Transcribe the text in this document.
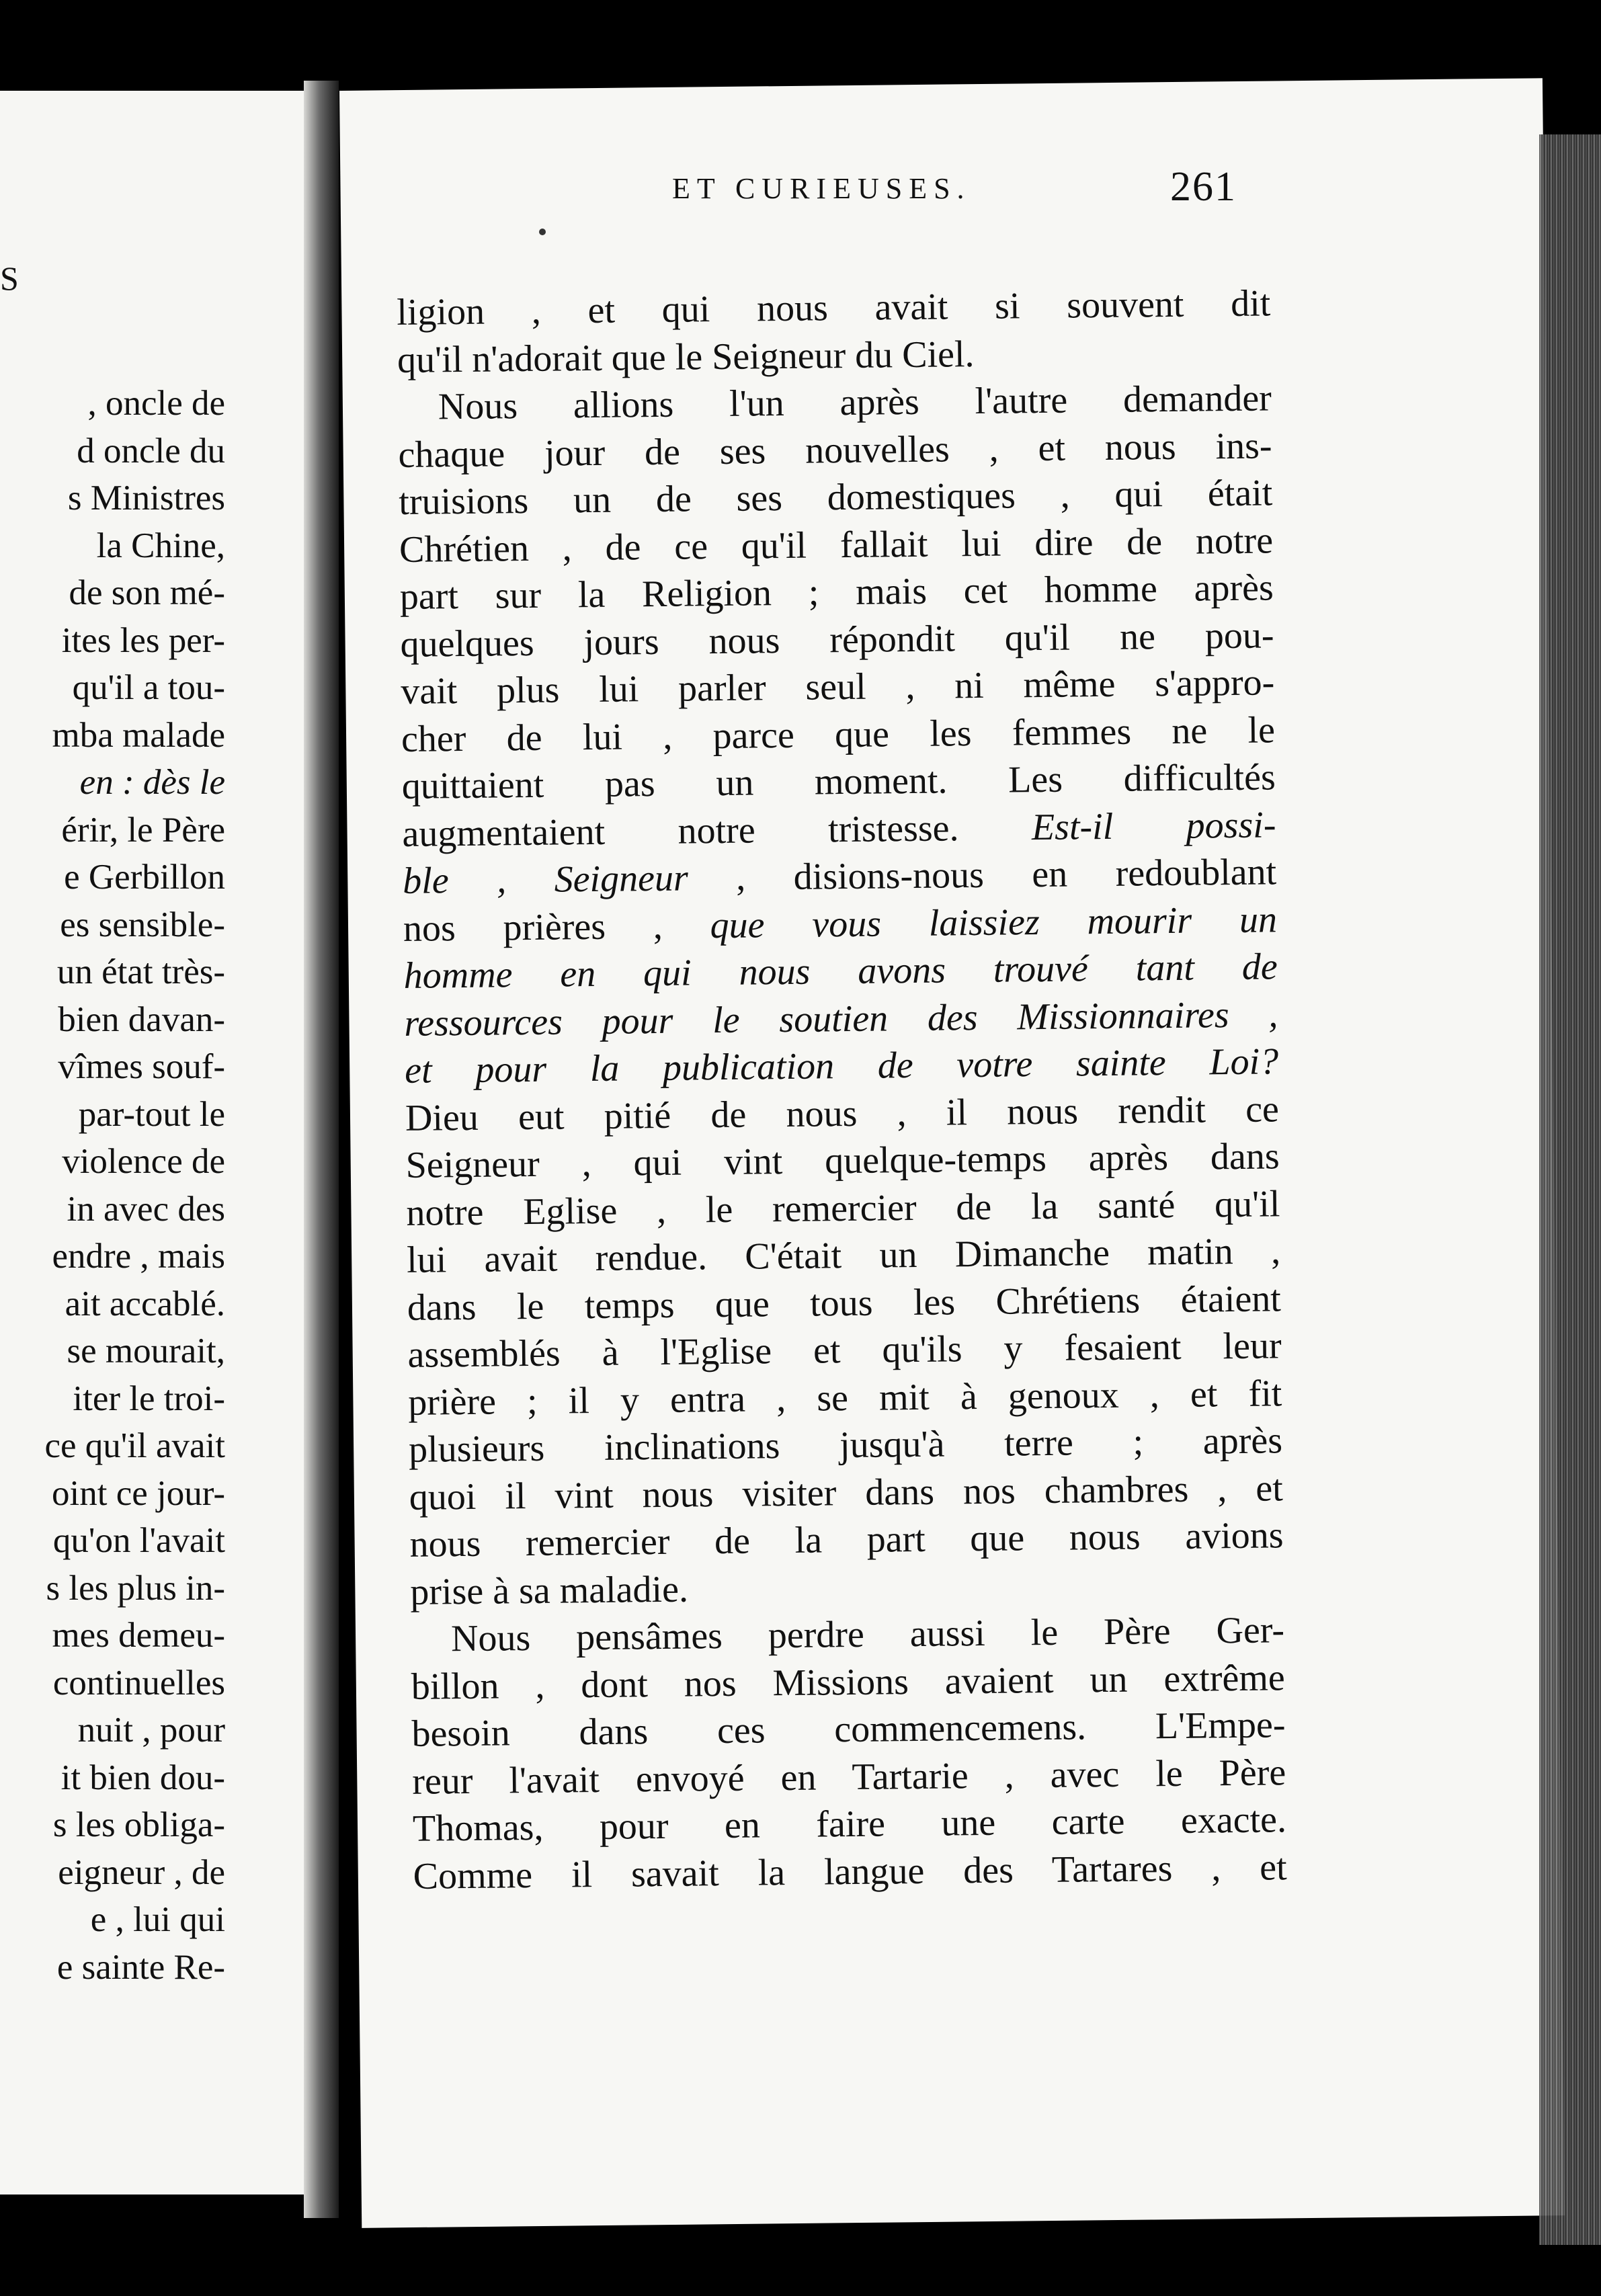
S
, oncle de
d oncle du
s Ministres
la Chine,
de son mé-
ites les per-
qu'il a tou-
mba malade
en : dès le
érir, le Père
e Gerbillon
es sensible-
un état très-
bien davan-
vîmes souf-
par-tout le
violence de
in avec des
endre , mais
ait accablé.
se mourait,
iter le troi-
ce qu'il avait
oint ce jour-
qu'on l'avait
s les plus in-
mes demeu-
continuelles
nuit , pour
it bien dou-
s les obliga-
eigneur , de
e , lui qui
e sainte Re-
ET CURIEUSES.	261
ligion , et qui nous avait si souvent dit
qu'il n'adorait que le Seigneur du Ciel.
Nous allions l'un après l'autre demander
chaque jour de ses nouvelles , et nous ins-
truisions un de ses domestiques , qui était
Chrétien , de ce qu'il fallait lui dire de notre
part sur la Religion ; mais cet homme après
quelques jours nous répondit qu'il ne pou-
vait plus lui parler seul , ni même s'appro-
cher de lui , parce que les femmes ne le
quittaient pas un moment. Les difficultés
augmentaient notre tristesse. Est-il possi-
ble , Seigneur , disions-nous en redoublant
nos prières , que vous laissiez mourir un
homme en qui nous avons trouvé tant de
ressources pour le soutien des Missionnaires ,
et pour la publication de votre sainte Loi?
Dieu eut pitié de nous , il nous rendit ce
Seigneur , qui vint quelque-temps après dans
notre Eglise , le remercier de la santé qu'il
lui avait rendue. C'était un Dimanche matin ,
dans le temps que tous les Chrétiens étaient
assemblés à l'Eglise et qu'ils y fesaient leur
prière ; il y entra , se mit à genoux , et fit
plusieurs inclinations jusqu'à terre ; après
quoi il vint nous visiter dans nos chambres , et
nous remercier de la part que nous avions
prise à sa maladie.
Nous pensâmes perdre aussi le Père Ger-
billon , dont nos Missions avaient un extrême
besoin dans ces commencemens. L'Empe-
reur l'avait envoyé en Tartarie , avec le Père
Thomas, pour en faire une carte exacte.
Comme il savait la langue des Tartares , et
